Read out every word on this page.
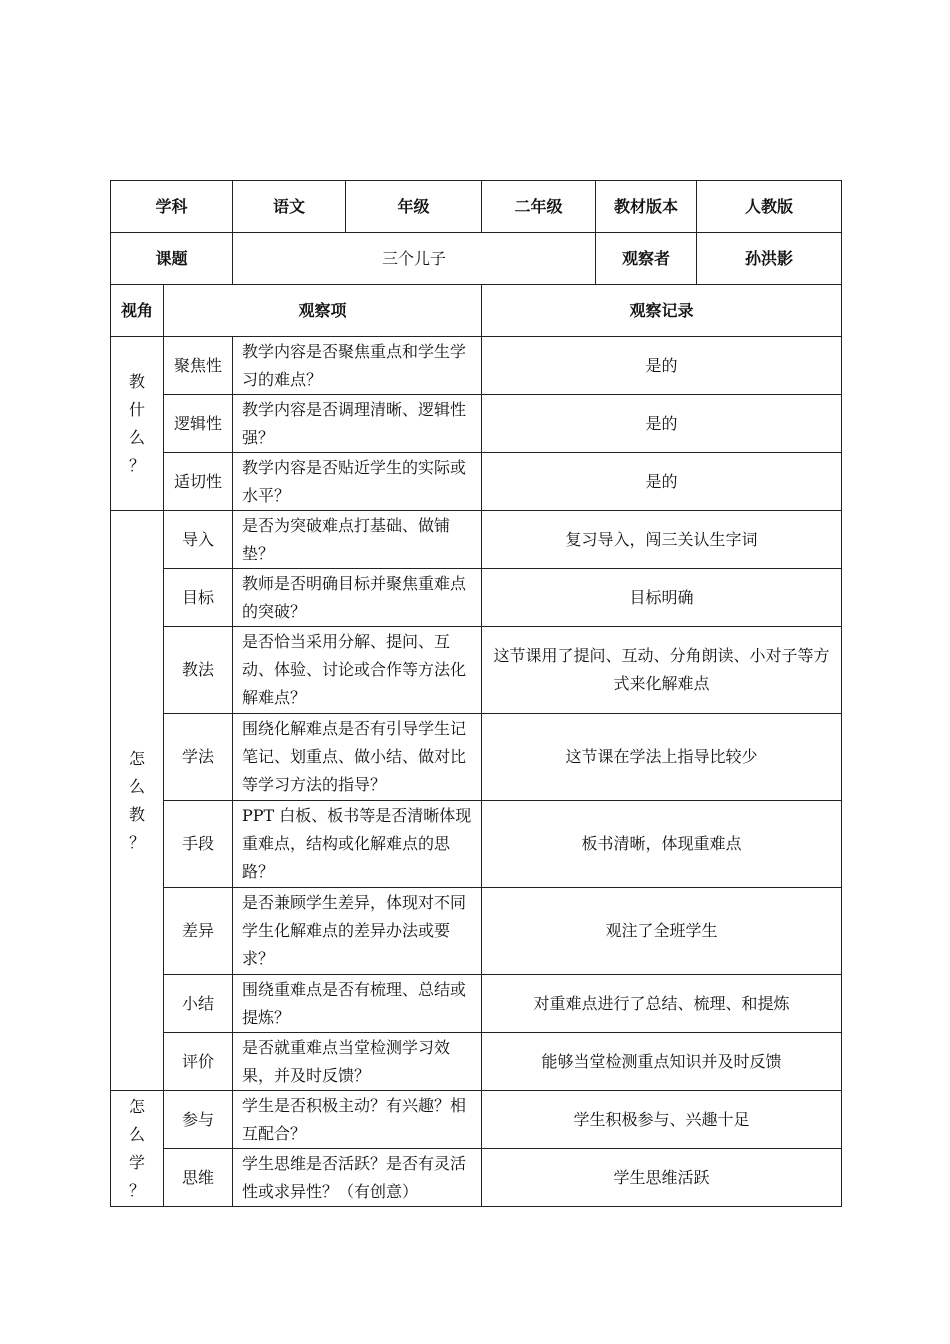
学科		语文	年级	二年级	教材版本	人教版
课题		三个儿子			观察者	孙洪影
视角	观察项			观察记录		

教
什
么
？	聚焦性	教学内容是否聚焦重点和学生学习的难点？		是的		
	逻辑性	教学内容是否调理清晰、逻辑性强？		是的		
	适切性	教学内容是否贴近学生的实际或水平？		是的		

怎
么
教
？	导入	是否为突破难点打基础、做铺垫？		复习导入，闯三关认生字词		
	目标	教师是否明确目标并聚焦重难点的突破？		目标明确		
	教法	是否恰当采用分解、提问、互动、体验、讨论或合作等方法化解难点？		这节课用了提问、互动、分角朗读、小对子等方式来化解难点		
	学法	围绕化解难点是否有引导学生记笔记、划重点、做小结、做对比等学习方法的指导？		这节课在学法上指导比较少		
	手段	PPT 白板、板书等是否清晰体现重难点，结构或化解难点的思路？		板书清晰，体现重难点		
	差异	是否兼顾学生差异，体现对不同学生化解难点的差异办法或要求？		观注了全班学生		
	小结	围绕重难点是否有梳理、总结或提炼？		对重难点进行了总结、梳理、和提炼		
	评价	是否就重难点当堂检测学习效果，并及时反馈？		能够当堂检测重点知识并及时反馈		

怎
么
学
？	参与	学生是否积极主动？有兴趣？相互配合？		学生积极参与、兴趣十足		
	思维	学生思维是否活跃？是否有灵活性或求异性？（有创意）		学生思维活跃		
